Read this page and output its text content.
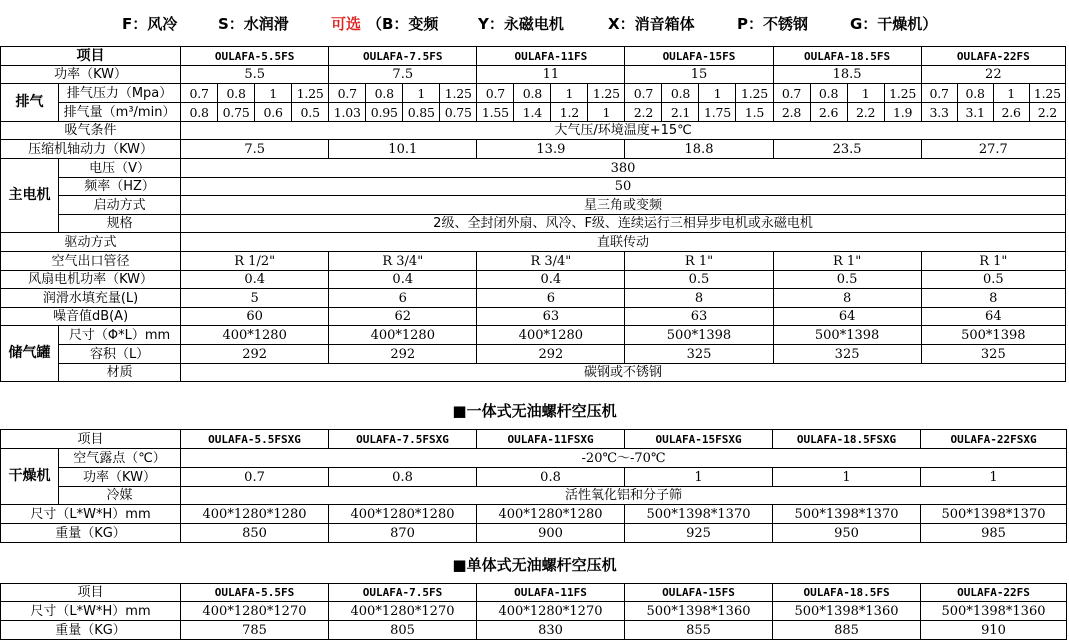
F：风冷	S：水润滑	可选 （B：变频	Y：永磁电机	X：消音箱体	P：不锈钢	G：干燥机）
项目		OULAFA-5.5FS				OULAFA-7.5FS				OULAFA-11FS				OULAFA-15FS				OULAFA-18.5FS				OULAFA-22FS			
功率（KW）		5.5				7.5				11				15				18.5				22			
排气	排气压力（Mpa）	0.7	0.8	1	1.25	0.7	0.8	1	1.25	0.7	0.8	1	1.25	0.7	0.8	1	1.25	0.7	0.8	1	1.25	0.7	0.8	1	1.25
	排气量（m³/min）	0.8	0.75	0.6	0.5	1.03	0.95	0.85	0.75	1.55	1.4	1.2	1	2.2	2.1	1.75	1.5	2.8	2.6	2.2	1.9	3.3	3.1	2.6	2.2
吸气条件		大气压/环境温度+15℃																							
压缩机轴动力（KW）		7.5				10.1				13.9				18.8				23.5				27.7			
主电机	电压（V）	380																							
	频率（HZ）	50																							
	启动方式	星三角或变频																							
	规格	2级、全封闭外扇、风冷、F级、连续运行三相异步电机或永磁电机																							
驱动方式		直联传动																							
空气出口管径		R 1/2"				R 3/4"				R 3/4"				R 1"				R 1"				R 1"			
风扇电机功率（KW）		0.4				0.4				0.4				0.5				0.5				0.5			
润滑水填充量(L)		5				6				6				8				8				8			
噪音值dB(A)		60				62				63				63				64				64			
储气罐	尺寸（Φ*L）mm	400*1280				400*1280				400*1280				500*1398				500*1398				500*1398			
	容积（L）	292				292				292				325				325				325			
	材质	碳钢或不锈钢																							
■一体式无油螺杆空压机
项目		OULAFA-5.5FSXG	OULAFA-7.5FSXG	OULAFA-11FSXG	OULAFA-15FSXG	OULAFA-18.5FSXG	OULAFA-22FSXG
干燥机	空气露点（℃）	-20℃～-70℃					
	功率（KW）	0.7	0.8	0.8	1	1	1
	冷媒	活性氧化铝和分子筛					
尺寸（L*W*H）mm		400*1280*1280	400*1280*1280	400*1280*1280	500*1398*1370	500*1398*1370	500*1398*1370
重量（KG）		850	870	900	925	950	985
■单体式无油螺杆空压机
项目	OULAFA-5.5FS	OULAFA-7.5FS	OULAFA-11FS	OULAFA-15FS	OULAFA-18.5FS	OULAFA-22FS
尺寸（L*W*H）mm	400*1280*1270	400*1280*1270	400*1280*1270	500*1398*1360	500*1398*1360	500*1398*1360
重量（KG）	785	805	830	855	885	910
